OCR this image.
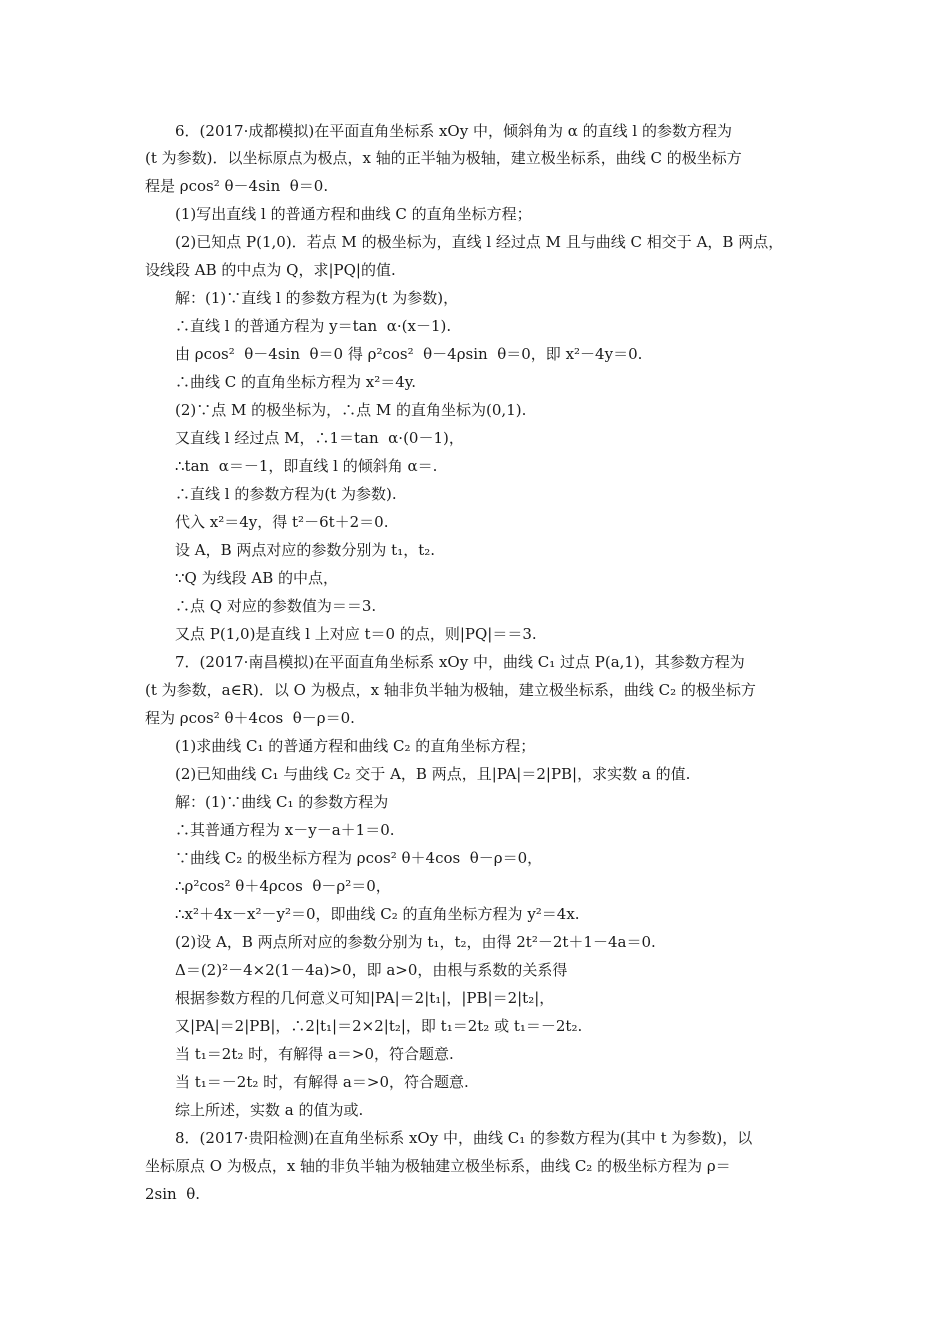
6．(2017·成都模拟)在平面直角坐标系 xOy 中，倾斜角为 α 的直线 l 的参数方程为
(t 为参数)．以坐标原点为极点，x 轴的正半轴为极轴，建立极坐标系，曲线 C 的极坐标方
程是 ρcos² θ－4sin  θ＝0.
(1)写出直线 l 的普通方程和曲线 C 的直角坐标方程；
(2)已知点 P(1,0)．若点 M 的极坐标为，直线 l 经过点 M 且与曲线 C 相交于 A，B 两点，
设线段 AB 的中点为 Q，求|PQ|的值.
解：(1)∵直线 l 的参数方程为(t 为参数)，
∴直线 l 的普通方程为 y＝tan  α·(x－1).
由 ρcos²  θ－4sin  θ＝0 得 ρ²cos²  θ－4ρsin  θ＝0，即 x²－4y＝0.
∴曲线 C 的直角坐标方程为 x²＝4y.
(2)∵点 M 的极坐标为，∴点 M 的直角坐标为(0,1).
又直线 l 经过点 M，∴1＝tan  α·(0－1)，
∴tan  α＝－1，即直线 l 的倾斜角 α＝.
∴直线 l 的参数方程为(t 为参数).
代入 x²＝4y，得 t²－6t＋2＝0.
设 A，B 两点对应的参数分别为 t₁，t₂.
∵Q 为线段 AB 的中点，
∴点 Q 对应的参数值为＝＝3.
又点 P(1,0)是直线 l 上对应 t＝0 的点，则|PQ|＝＝3.
7．(2017·南昌模拟)在平面直角坐标系 xOy 中，曲线 C₁ 过点 P(a,1)，其参数方程为
(t 为参数，a∈R)．以 O 为极点，x 轴非负半轴为极轴，建立极坐标系，曲线 C₂ 的极坐标方
程为 ρcos² θ＋4cos  θ－ρ＝0.
(1)求曲线 C₁ 的普通方程和曲线 C₂ 的直角坐标方程；
(2)已知曲线 C₁ 与曲线 C₂ 交于 A，B 两点，且|PA|＝2|PB|，求实数 a 的值.
解：(1)∵曲线 C₁ 的参数方程为
∴其普通方程为 x－y－a＋1＝0.
∵曲线 C₂ 的极坐标方程为 ρcos² θ＋4cos  θ－ρ＝0，
∴ρ²cos² θ＋4ρcos  θ－ρ²＝0，
∴x²＋4x－x²－y²＝0，即曲线 C₂ 的直角坐标方程为 y²＝4x.
(2)设 A，B 两点所对应的参数分别为 t₁，t₂，由得 2t²－2t＋1－4a＝0.
Δ＝(2)²－4×2(1－4a)>0，即 a>0，由根与系数的关系得
根据参数方程的几何意义可知|PA|＝2|t₁|，|PB|＝2|t₂|，
又|PA|＝2|PB|，∴2|t₁|＝2×2|t₂|，即 t₁＝2t₂ 或 t₁＝－2t₂.
当 t₁＝2t₂ 时，有解得 a＝>0，符合题意.
当 t₁＝－2t₂ 时，有解得 a＝>0，符合题意.
综上所述，实数 a 的值为或.
8．(2017·贵阳检测)在直角坐标系 xOy 中，曲线 C₁ 的参数方程为(其中 t 为参数)，以
坐标原点 O 为极点，x 轴的非负半轴为极轴建立极坐标系，曲线 C₂ 的极坐标方程为 ρ＝
2sin  θ.
